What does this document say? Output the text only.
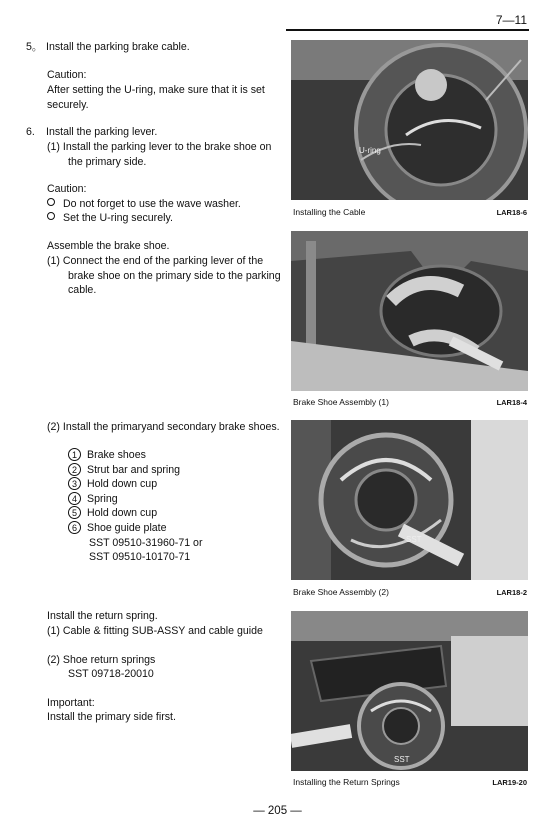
7—11
5。 Install the parking brake cable.
Caution:
After setting the U-ring, make sure that it is set securely.
6. Install the parking lever.
(1) Install the parking lever to the brake shoe on the primary side.
Caution:
Do not forget to use the wave washer.
Set the U-ring securely.
Assemble the brake shoe.
(1) Connect the end of the parking lever of the brake shoe on the primary side to the parking cable.
(2) Install the primaryand secondary brake shoes.
1 Brake shoes
2 Strut bar and spring
3 Hold down cup
4 Spring
5 Hold down cup
6 Shoe guide plate
SST 09510-31960-71 or
SST 09510-10170-71
Install the return spring.
(1) Cable & fitting SUB-ASSY and cable guide
(2) Shoe return springs
SST 09718-20010
Important:
Install the primary side first.
U-ring
Installing the Cable	LAR18-6
Brake Shoe Assembly (1)	LAR18-4
SST
Brake Shoe Assembly (2)	LAR18-2
SST
Installing the Return Springs	LAR19-20
— 205 —
